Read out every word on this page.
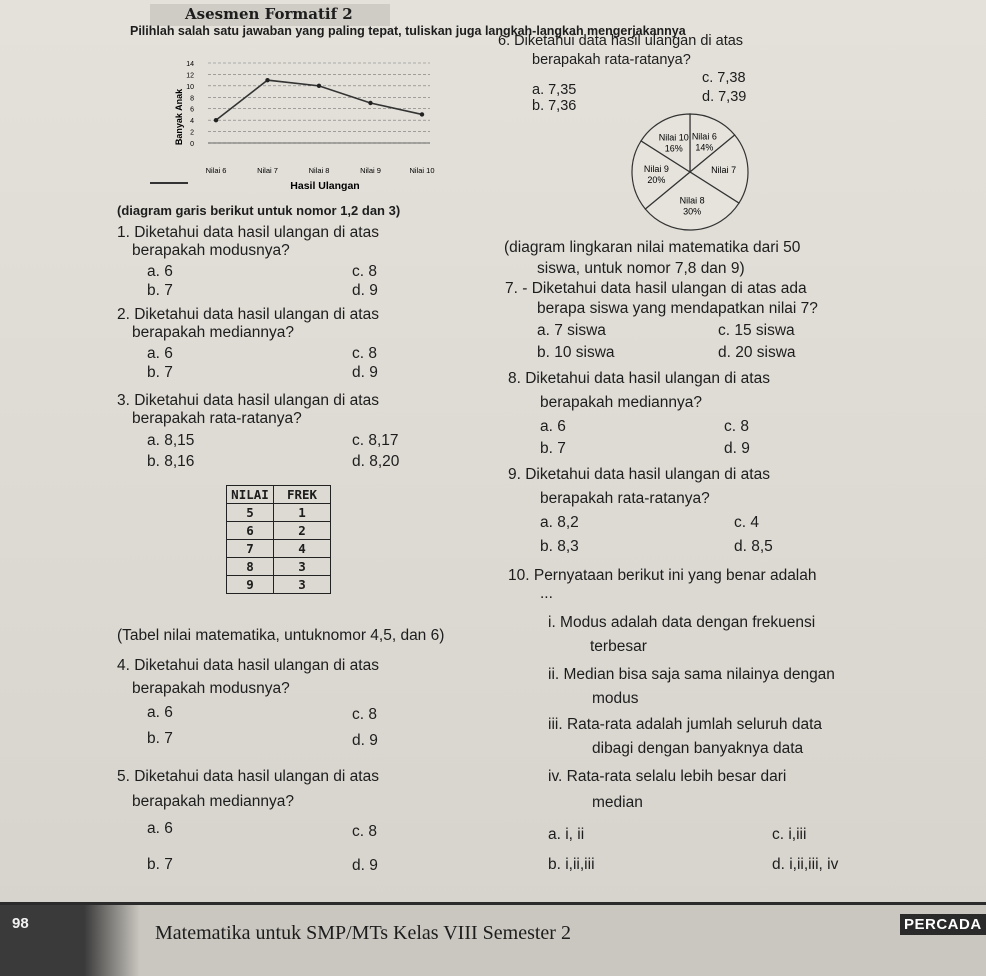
Asesmen Formatif 2
Pilihlah salah satu jawaban yang paling tepat, tuliskan juga langkah-langkah mengerjakannya
0
2
4
6
8
10
12
14
Nilai 6	Nilai 7	Nilai 8	Nilai 9	Nilai 10
Hasil Ulangan
Banyak Anak
(diagram garis berikut untuk nomor 1,2 dan 3)
Nilai 6
14%
Nilai 7
Nilai 8
30%
Nilai 9
20%
Nilai 10
16%
1. Diketahui data hasil ulangan di atas
berapakah modusnya?
a. 6	c. 8
b. 7	d. 9
2. Diketahui data hasil ulangan di atas
berapakah mediannya?
a. 6	c. 8
b. 7	d. 9
3. Diketahui data hasil ulangan di atas
berapakah rata-ratanya?
a. 8,15	c. 8,17
b. 8,16	d. 8,20
NILAI	FREK
5	1
6	2
7	4
8	3
9	3
(Tabel nilai matematika, untuknomor 4,5, dan 6)
4. Diketahui data hasil ulangan di atas
berapakah modusnya?
a. 6	c. 8
b. 7	d. 9
5. Diketahui data hasil ulangan di atas
berapakah mediannya?
a. 6	c. 8
b. 7	d. 9
6. Diketahui data hasil ulangan di atas
berapakah rata-ratanya?
a. 7,35
c. 7,38
b. 7,36
d. 7,39
(diagram lingkaran nilai matematika dari 50
siswa, untuk nomor 7,8 dan 9)
7. - Diketahui data hasil ulangan di atas ada
berapa siswa yang mendapatkan nilai 7?
a. 7 siswa	c. 15 siswa
b. 10 siswa	d. 20 siswa
8. Diketahui data hasil ulangan di atas
berapakah mediannya?
a. 6	c. 8
b. 7	d. 9
9. Diketahui data hasil ulangan di atas
berapakah rata-ratanya?
a. 8,2	c. 4
b. 8,3	d. 8,5
10. Pernyataan berikut ini yang benar adalah
...
i. Modus adalah data dengan frekuensi
terbesar
ii. Median bisa saja sama nilainya dengan
modus
iii. Rata-rata adalah jumlah seluruh data
dibagi dengan banyaknya data
iv. Rata-rata selalu lebih besar dari
median
a. i, ii	c. i,iii
b. i,ii,iii	d. i,ii,iii, iv
98	Matematika untuk SMP/MTs Kelas VIII Semester 2	PERCADA
